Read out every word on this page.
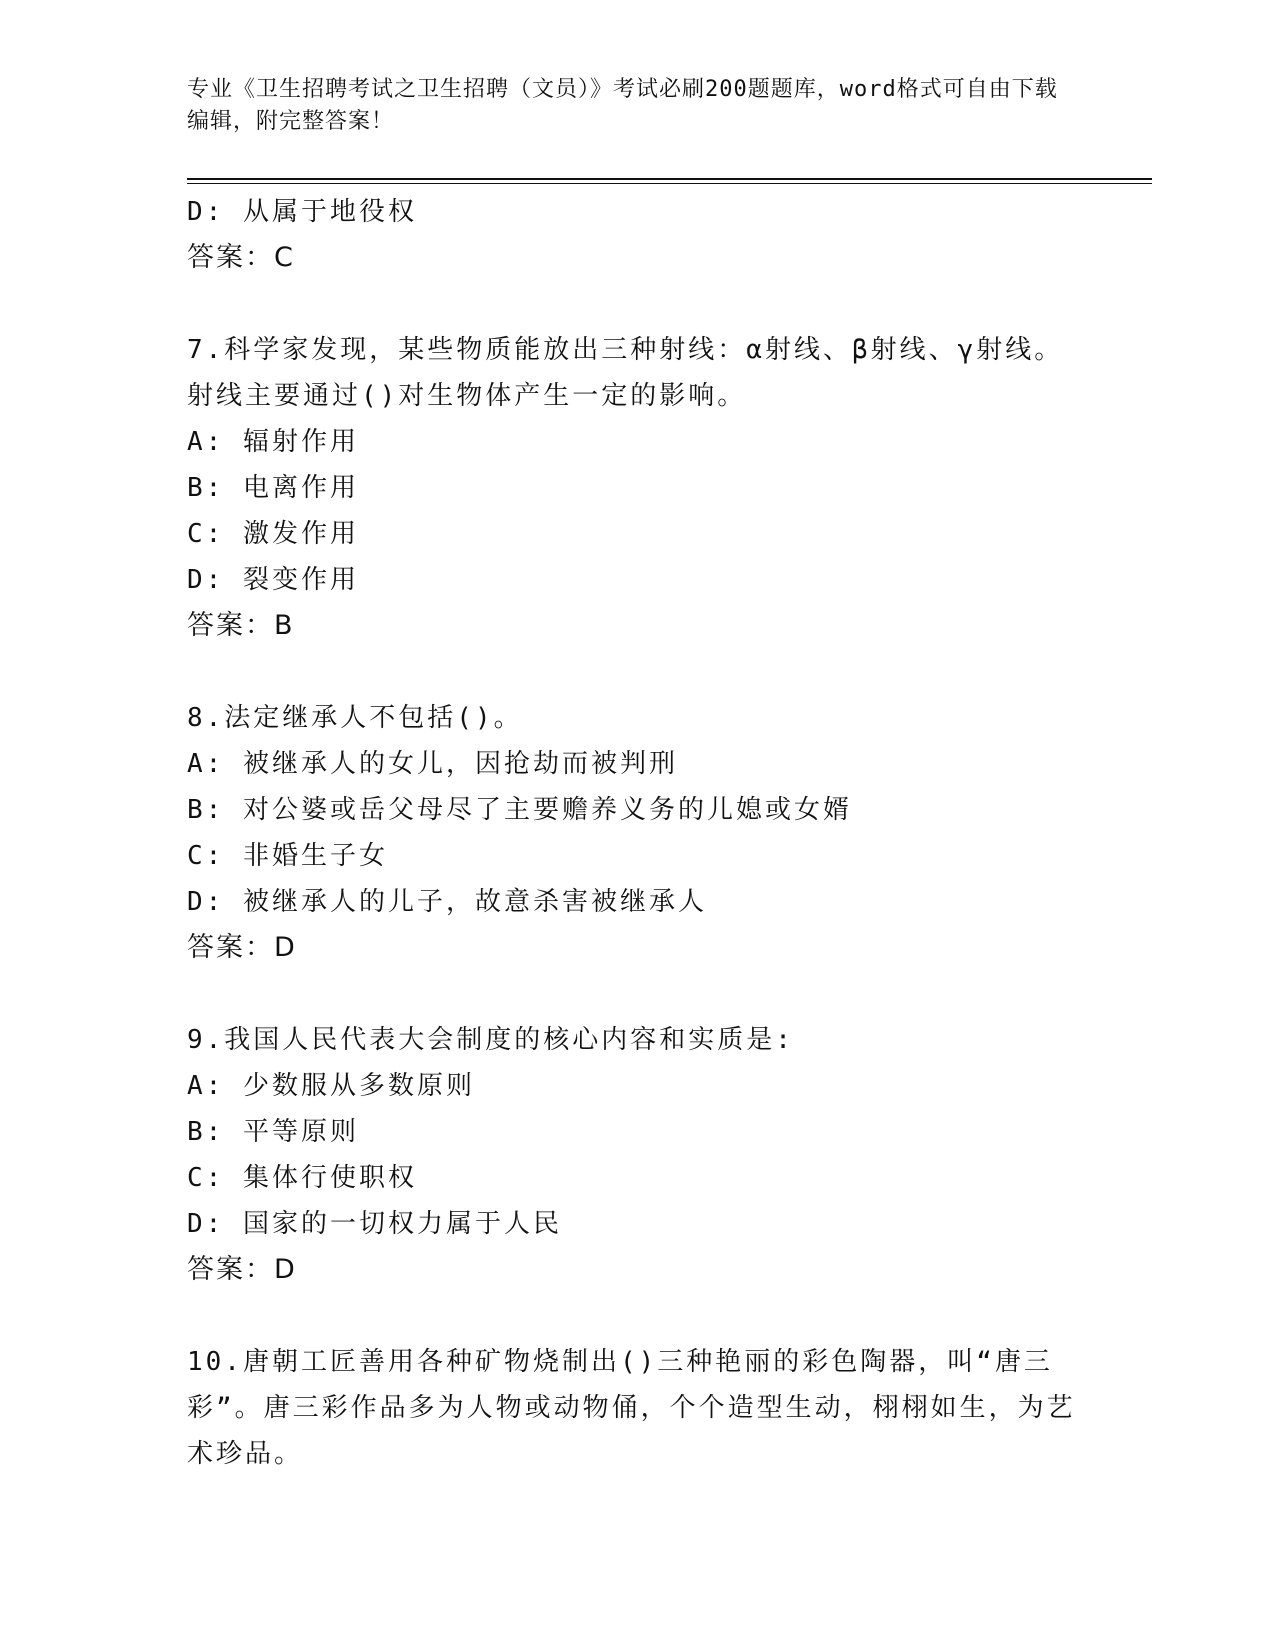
专业《卫生招聘考试之卫生招聘（文员）》考试必刷200题题库，word格式可自由下载编辑，附完整答案！
D: 从属于地役权
答案：C

7.科学家发现，某些物质能放出三种射线：α射线、β射线、γ射线。射线主要通过()对生物体产生一定的影响。

A: 辐射作用
B: 电离作用
C: 激发作用
D: 裂变作用
答案：B

8.法定继承人不包括()。

A: 被继承人的女儿，因抢劫而被判刑
B: 对公婆或岳父母尽了主要赡养义务的儿媳或女婿
C: 非婚生子女
D: 被继承人的儿子，故意杀害被继承人
答案：D

9.我国人民代表大会制度的核心内容和实质是:

A: 少数服从多数原则
B: 平等原则
C: 集体行使职权
D: 国家的一切权力属于人民
答案：D

10.唐朝工匠善用各种矿物烧制出()三种艳丽的彩色陶器，叫“唐三彩”。唐三彩作品多为人物或动物俑，个个造型生动，栩栩如生，为艺术珍品。
